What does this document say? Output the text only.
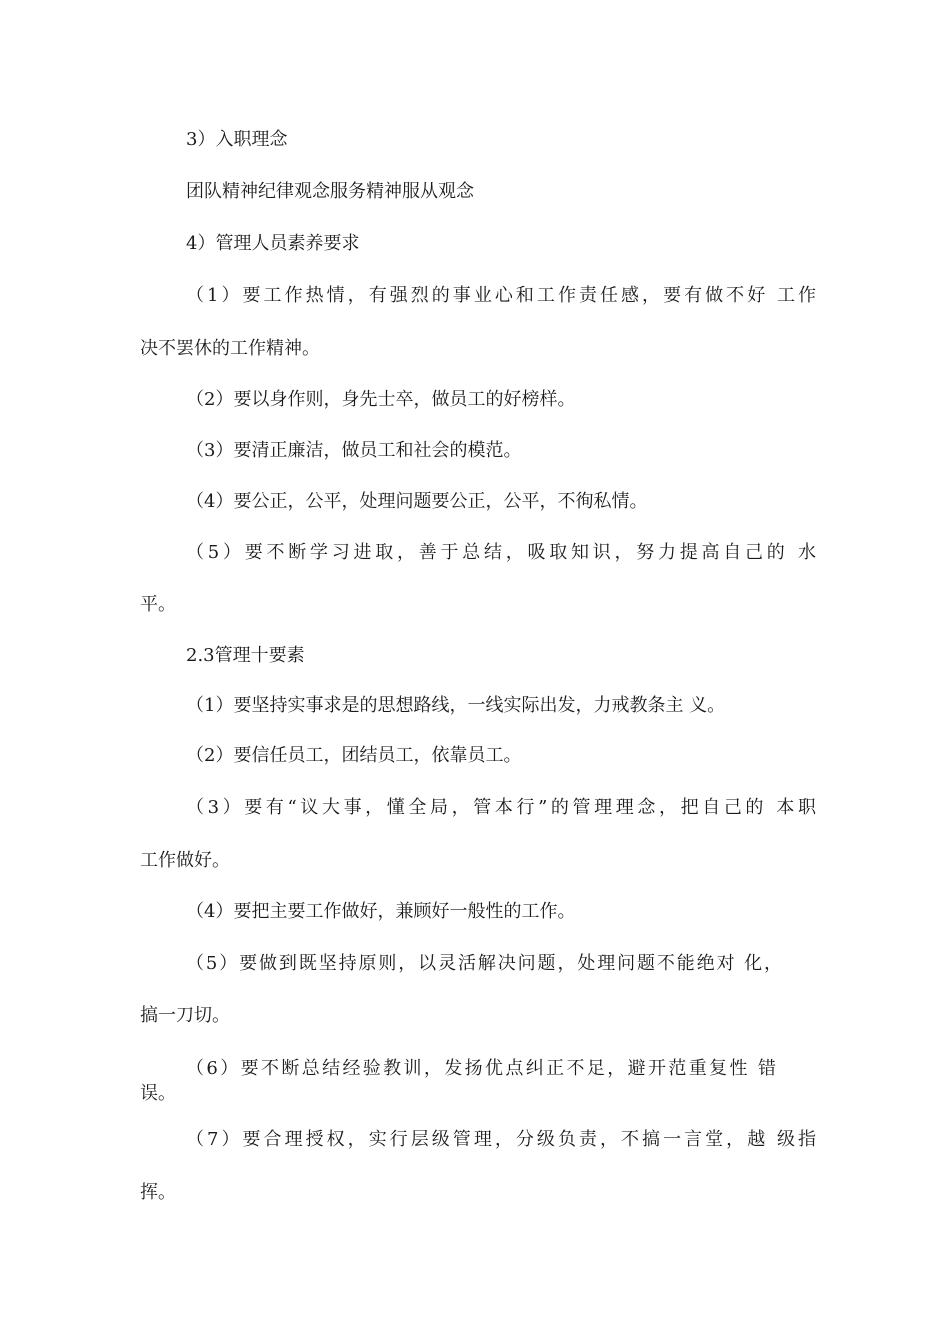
3）入职理念
团队精神纪律观念服务精神服从观念
4）管理人员素养要求
（1）要工作热情，有强烈的事业心和工作责任感，要有做不好 工作
决不罢休的工作精神。
（2）要以身作则，身先士卒，做员工的好榜样。
（3）要清正廉洁，做员工和社会的模范。
（4）要公正，公平，处理问题要公正，公平，不徇私情。
（5）要不断学习进取，善于总结，吸取知识，努力提高自己的 水
平。
2.3管理十要素
（1）要坚持实事求是的思想路线，一线实际出发，力戒教条主 义。
（2）要信任员工，团结员工，依靠员工。
（3）要有“议大事，懂全局，管本行”的管理理念，把自己的 本职
工作做好。
（4）要把主要工作做好，兼顾好一般性的工作。
（5）要做到既坚持原则，以灵活解决问题，处理问题不能绝对 化，
搞一刀切。
（6）要不断总结经验教训，发扬优点纠正不足，避开范重复性 错
误。
（7）要合理授权，实行层级管理，分级负责，不搞一言堂，越 级指
挥。
